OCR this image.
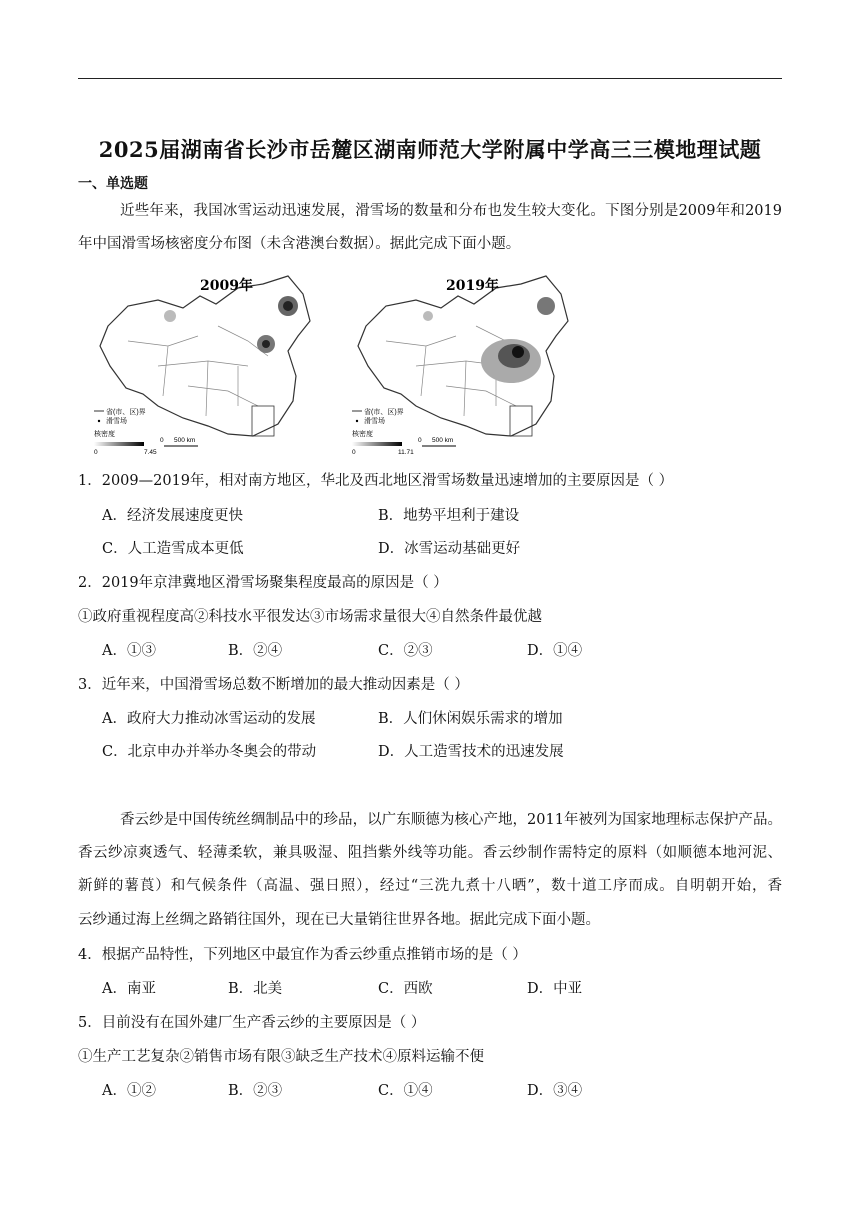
2025届湖南省长沙市岳麓区湖南师范大学附属中学高三三模地理试题
一、单选题
近些年来，我国冰雪运动迅速发展，滑雪场的数量和分布也发生较大变化。下图分别是2009年和2019
年中国滑雪场核密度分布图（未含港澳台数据）。据此完成下面小题。
2009年
省(市、区)界
滑雪场
核密度
0	7.45
0 500 km
2019年
省(市、区)界
滑雪场
核密度
0	11.71
0 500 km
1．2009—2019年，相对南方地区，华北及西北地区滑雪场数量迅速增加的主要原因是（ ）
A．经济发展速度更快	B．地势平坦利于建设
C．人工造雪成本更低	D．冰雪运动基础更好
2．2019年京津冀地区滑雪场聚集程度最高的原因是（ ）
①政府重视程度高②科技水平很发达③市场需求量很大④自然条件最优越
A．①③	B．②④	C．②③	D．①④
3．近年来，中国滑雪场总数不断增加的最大推动因素是（ ）
A．政府大力推动冰雪运动的发展	B．人们休闲娱乐需求的增加
C．北京申办并举办冬奥会的带动	D．人工造雪技术的迅速发展
香云纱是中国传统丝绸制品中的珍品，以广东顺德为核心产地，2011年被列为国家地理标志保护产品。
香云纱凉爽透气、轻薄柔软，兼具吸湿、阻挡紫外线等功能。香云纱制作需特定的原料（如顺德本地河泥、
新鲜的薯莨）和气候条件（高温、强日照），经过“三洗九煮十八晒”，数十道工序而成。自明朝开始，香
云纱通过海上丝绸之路销往国外，现在已大量销往世界各地。据此完成下面小题。
4．根据产品特性，下列地区中最宜作为香云纱重点推销市场的是（ ）
A．南亚	B．北美	C．西欧	D．中亚
5．目前没有在国外建厂生产香云纱的主要原因是（ ）
①生产工艺复杂②销售市场有限③缺乏生产技术④原料运输不便
A．①②	B．②③	C．①④	D．③④
